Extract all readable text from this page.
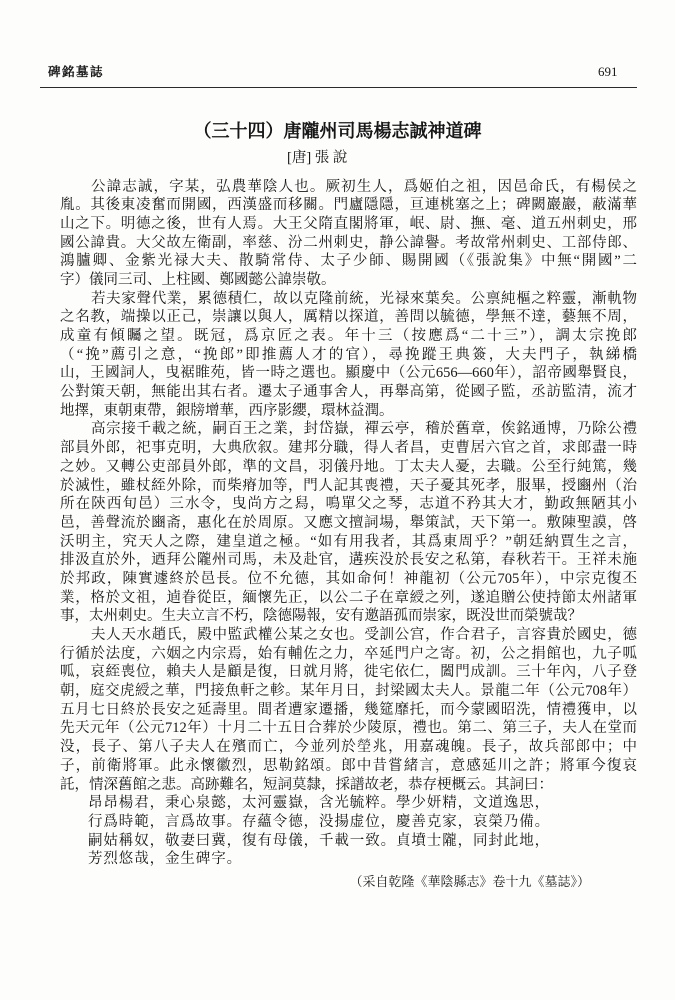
碑銘墓誌	691
（三十四）唐隴州司馬楊志誠神道碑
[唐] 張 說
公諱志誠，字某，弘農華陰人也。厥初生人，爲姬伯之祖，因邑命氏，有楊侯之
胤。其後東凌奮而開國，西漢盛而移關。門廬隱隱，亘連桃塞之上；碑闕巖巖，蔽滿華
山之下。明德之後，世有人焉。大王父隋直閣將軍，岷、尉、撫、毫、道五州刺史，邢
國公諱貴。大父故左衛副，率慈、汾二州刺史，静公諱譽。考故常州刺史、工部侍郎、
鴻臚卿、金紫光禄大夫、散騎常侍、太子少師、賜開國（《張說集》中無“開國”二
字）儀同三司、上柱國、鄭國懿公諱崇敬。
若夫家聲代業，累德積仁，故以克隆前統，光禄來葉矣。公禀純樞之粹靈，漸軌物
之名教，端操以正己，崇讓以與人，厲精以探道，善問以毓德，學無不達，藝無不周，
成童有傾矚之望。既冠，爲京匠之表。年十三（按應爲“二十三”），調太宗挽郎
（“挽”薦引之意，“挽郎”即推薦人才的官），尋挽蹤王典簽，大夫門子，執綈橋
山，王國詞人，曳裾睢苑，皆一時之選也。顯慶中（公元656—660年），詔帝國舉賢良，
公對策天朝，無能出其右者。遷太子通事舍人，再舉高第，從國子監，丞訪監清，流才
地擇，東朝東帶，銀牓增華，西序影纓，環林益潤。
高宗接千載之統，嗣百王之業，封岱嶽，禪云亭，稽於舊章，俟銘通博，乃除公禮
部員外郎，祀事克明，大典欣叙。建邦分職，得人者昌，吏曹居六官之首，求郎盡一時
之妙。又轉公吏部員外郎，準的文昌，羽儀丹地。丁太夫人憂，去職。公至行純篤，幾
於滅性，雖杖絰外除，而柴瘠加等，門人記其喪禮，天子憂其死孝，服畢，授豳州（治
所在陝西旬邑）三水令，曳尚方之舄，鳴單父之琴，志道不矜其大才，勤政無陋其小
邑，善聲流於豳斋，惠化在於周原。又應文擅詞場，舉策試，天下第一。敷陳聖謨，啓
沃明主，究天人之際，建皇道之極。“如有用我者，其爲東周乎？”朝廷納賈生之言，
排汲直於外，迺拜公隴州司馬，未及赴官，遘疾没於長安之私第，春秋若干。王祥未施
於邦政，陳實遽終於邑長。位不允德，其如命何！神龍初（公元705年），中宗克復丕
業，格於文祖，逌眷從臣，緬懷先正，以公二子在章綬之列，遂追贈公使持節太州諸軍
事，太州刺史。生夫立言不朽，陰德陽報，安有邀語孤而崇家，既没世而榮號哉？
夫人天水趙氏，殿中監武權公某之女也。受訓公宫，作合君子，言容貴於國史，德
行循於法度，六姻之内宗焉，始有輔佐之力，卒延門户之寄。初，公之捐館也，九子呱
呱，哀絰喪位，賴夫人是顧是復，日就月將，徙宅依仁，闔門成訓。三十年內，八子登
朝，庭交虎綬之華，門接魚軒之軫。某年月日，封梁國太夫人。景龍二年（公元708年）
五月七日終於長安之延壽里。間者遭家遷播，幾筵靡托，而今蒙國昭洗，情禮獲申，以
先天元年（公元712年）十月二十五日合葬於少陵原，禮也。第二、第三子，夫人在堂而
没，長子、第八子夫人在殯而亡，今並列於塋兆，用嘉魂魄。長子，故兵部郎中；中
子，前衛將軍。此永懷徽烈，思勒銘頌。郎中昔嘗緒言，意感延川之許；將軍今復哀
託，情深舊館之悲。高跡難名，短詞莫隸，採譜故老，恭存梗概云。其詞曰：
昂昂楊君，秉心泉懿，太河靈嶽，含光毓粹。學少妍精，文道逸思，
行爲時範，言爲故事。存蘊令德，没揚虚位，慶善克家，哀榮乃備。
嗣姑稱奴，敬妻曰冀，復有母儀，千載一致。貞墳士隴，同封此地，
芳烈悠哉，金生碑字。
（采自乾隆《華陰縣志》卷十九《墓誌》）
